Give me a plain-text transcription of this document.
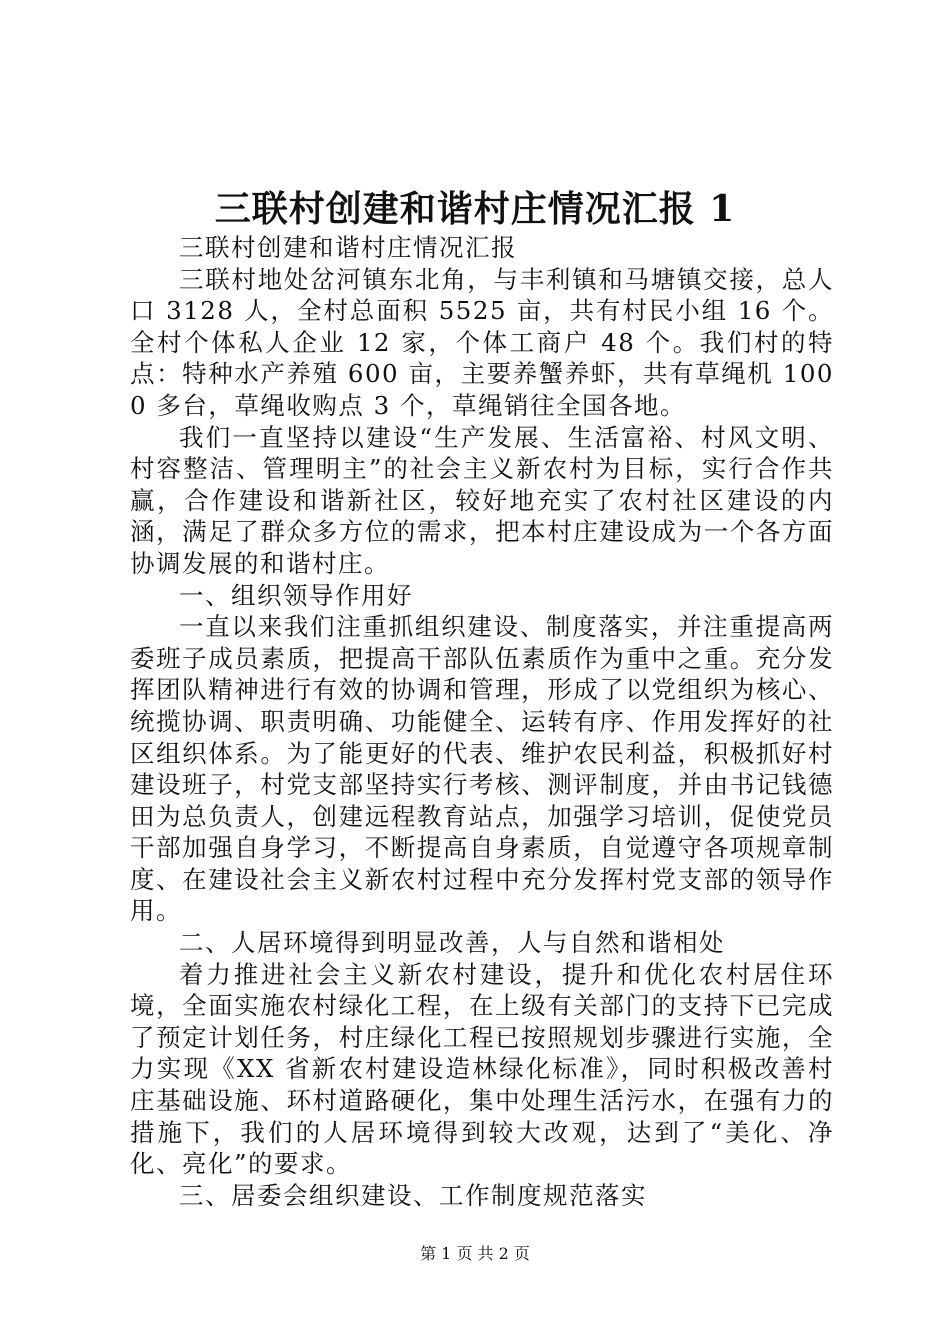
三联村创建和谐村庄情况汇报 1

三联村创建和谐村庄情况汇报

三联村地处岔河镇东北角，与丰利镇和马塘镇交接，总人口 3128 人，全村总面积 5525 亩，共有村民小组 16 个。全村个体私人企业 12 家，个体工商户 48 个。我们村的特点：特种水产养殖 600 亩，主要养蟹养虾，共有草绳机 1000 多台，草绳收购点 3 个，草绳销往全国各地。

我们一直坚持以建设“生产发展、生活富裕、村风文明、村容整洁、管理明主”的社会主义新农村为目标，实行合作共赢，合作建设和谐新社区，较好地充实了农村社区建设的内涵，满足了群众多方位的需求，把本村庄建设成为一个各方面协调发展的和谐村庄。

一、组织领导作用好

一直以来我们注重抓组织建设、制度落实，并注重提高两委班子成员素质，把提高干部队伍素质作为重中之重。充分发挥团队精神进行有效的协调和管理，形成了以党组织为核心、统揽协调、职责明确、功能健全、运转有序、作用发挥好的社区组织体系。为了能更好的代表、维护农民利益，积极抓好村建设班子，村党支部坚持实行考核、测评制度，并由书记钱德田为总负责人，创建远程教育站点，加强学习培训，促使党员干部加强自身学习，不断提高自身素质，自觉遵守各项规章制度、在建设社会主义新农村过程中充分发挥村党支部的领导作用。

二、人居环境得到明显改善，人与自然和谐相处

着力推进社会主义新农村建设，提升和优化农村居住环境，全面实施农村绿化工程，在上级有关部门的支持下已完成了预定计划任务，村庄绿化工程已按照规划步骤进行实施，全力实现《XX 省新农村建设造林绿化标准》，同时积极改善村庄基础设施、环村道路硬化，集中处理生活污水，在强有力的措施下，我们的人居环境得到较大改观，达到了“美化、净化、亮化”的要求。

三、居委会组织建设、工作制度规范落实

第 1 页 共 2 页
